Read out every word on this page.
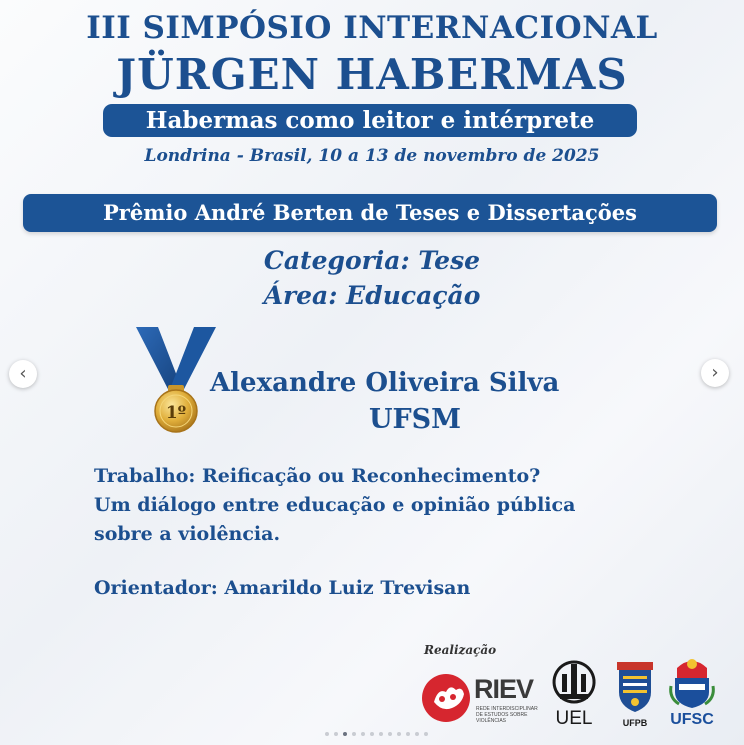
III SIMPÓSIO INTERNACIONAL
JÜRGEN HABERMAS
Habermas como leitor e intérprete
Londrina - Brasil, 10 a 13 de novembro de 2025
Prêmio André Berten de Teses e Dissertações
Categoria: Tese
Área: Educação
1º
Alexandre Oliveira Silva
UFSM
Trabalho: Reificação ou Reconhecimento?
Um diálogo entre educação e opinião pública
sobre a violência.
Orientador: Amarildo Luiz Trevisan
‹	›
Realização
RIEV
REDE INTERDISCIPLINAR
DE ESTUDOS SOBRE
VIOLÊNCIAS	UEL	UFPB	UFSC
